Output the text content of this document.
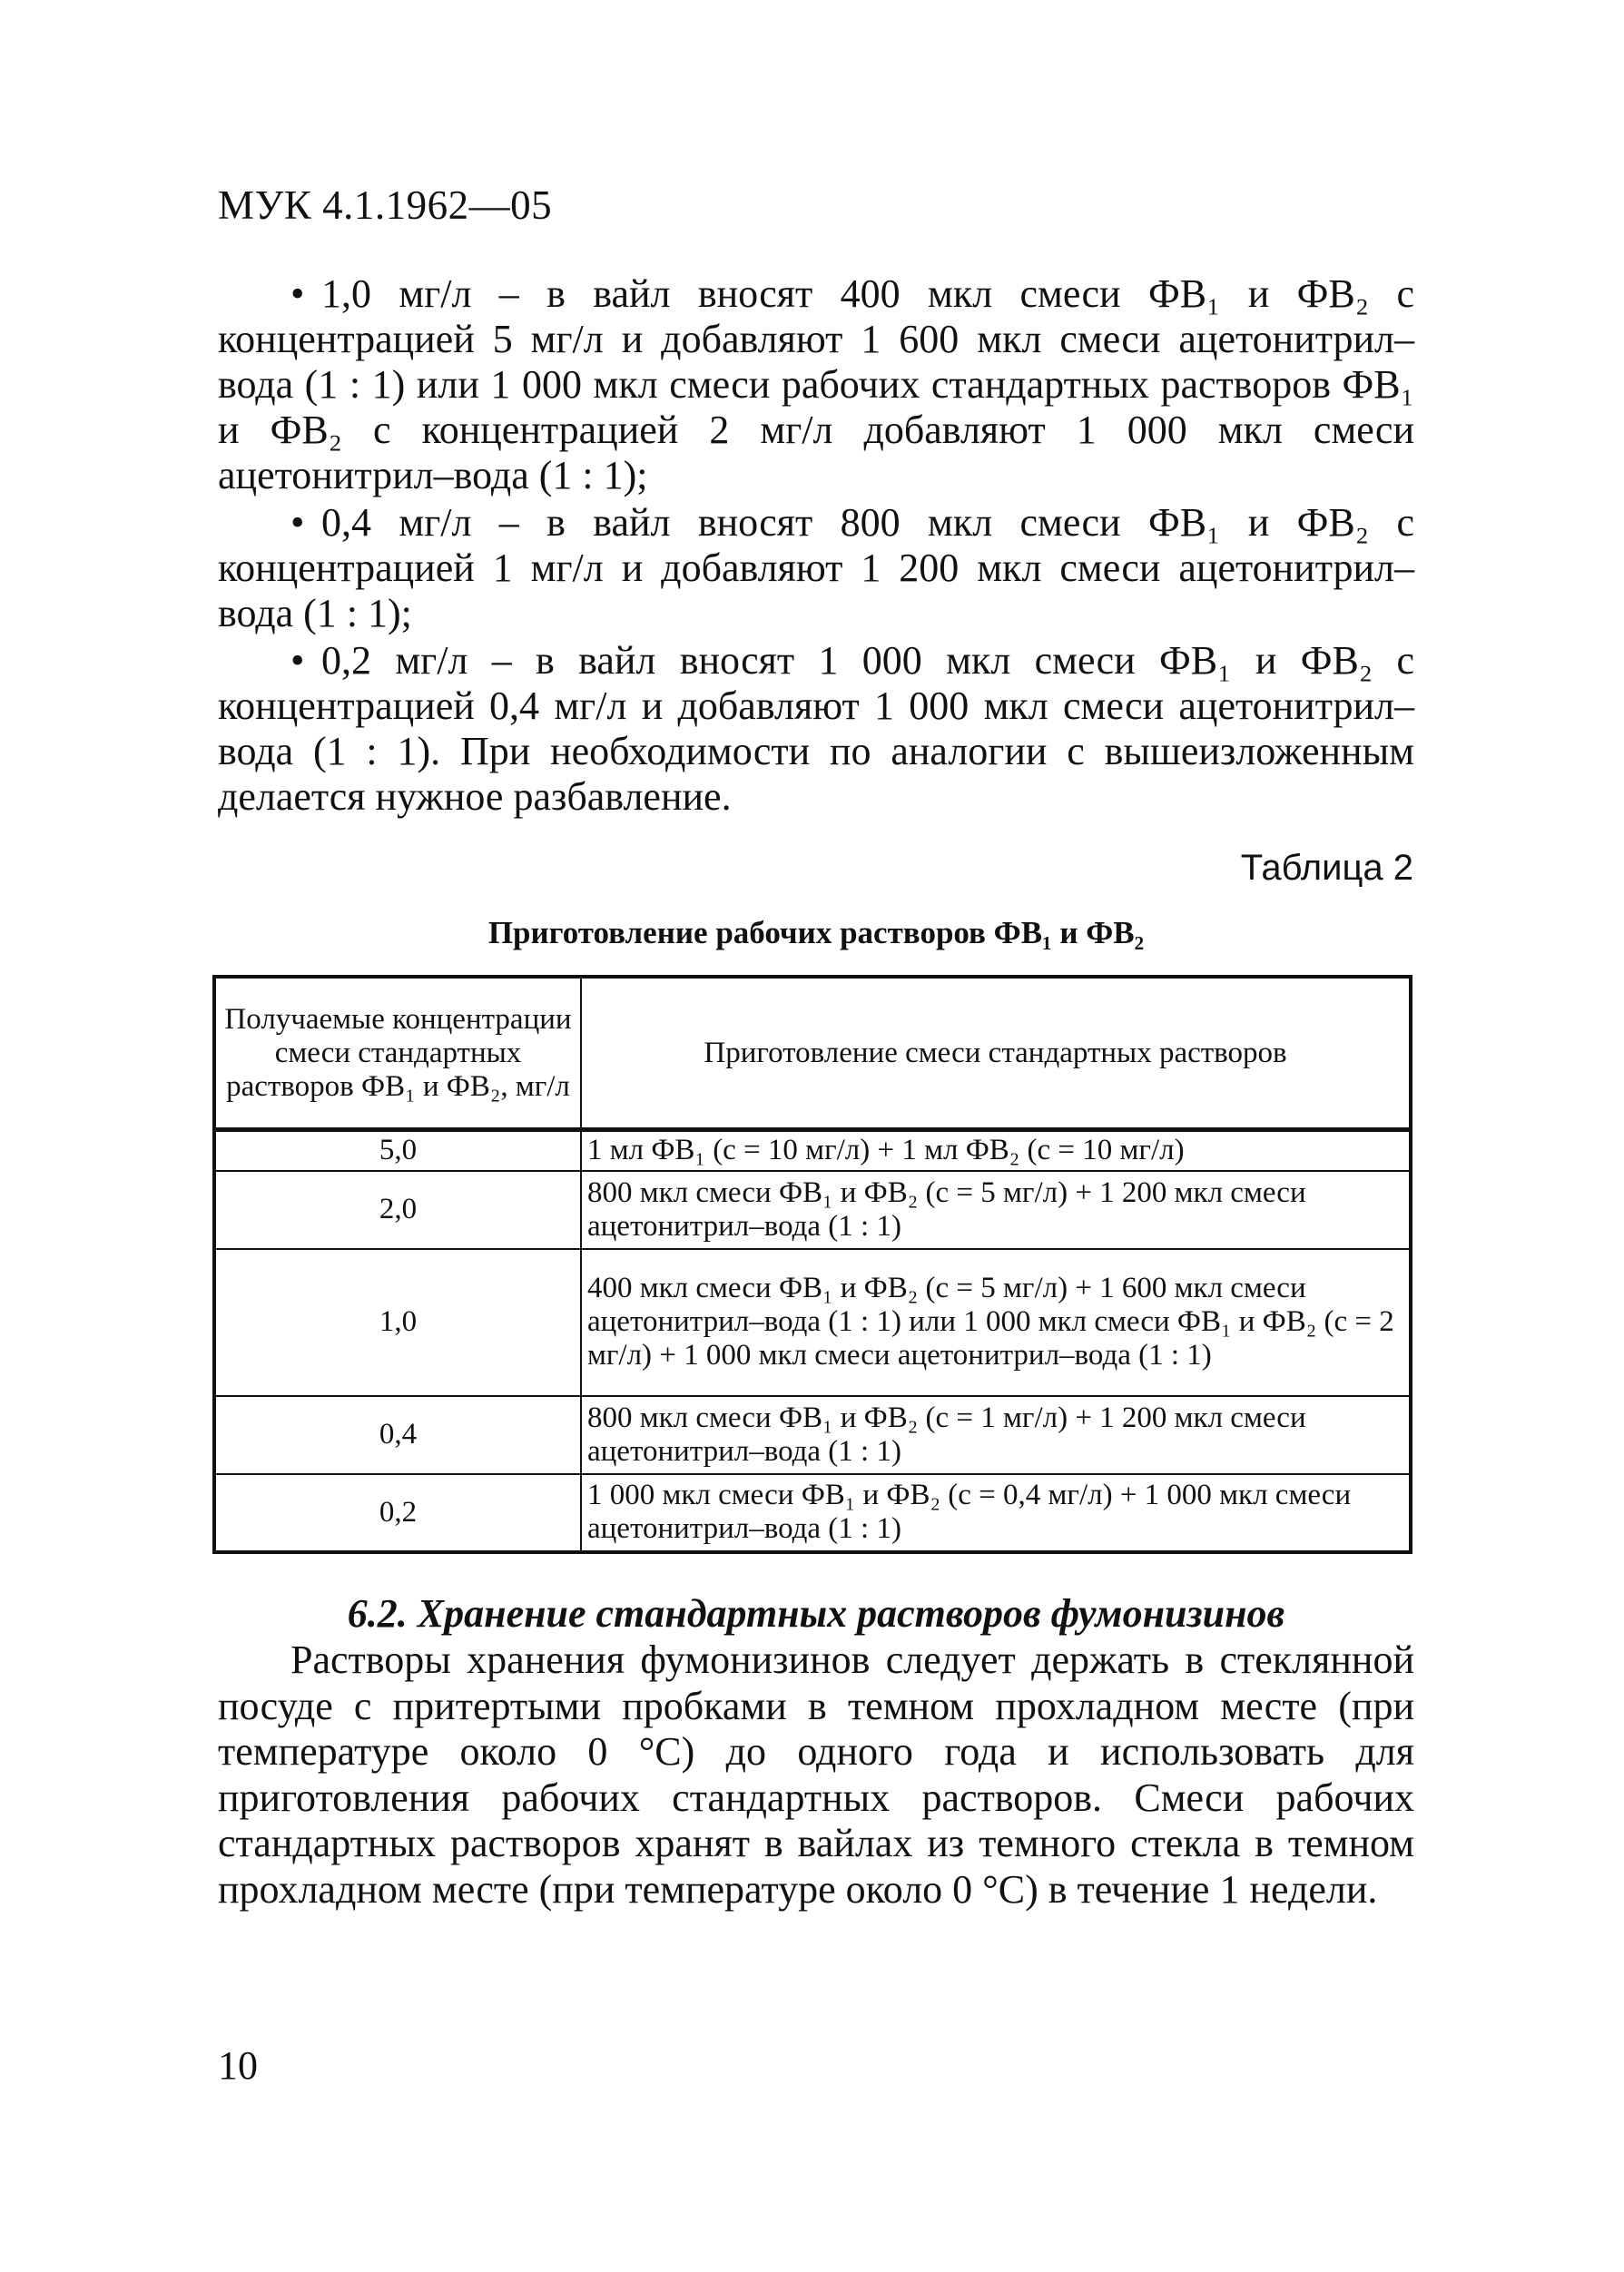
МУК 4.1.1962—05

• 1,0 мг/л – в вайл вносят 400 мкл смеси ФВ₁ и ФВ₂ с концентрацией 5 мг/л и добавляют 1 600 мкл смеси ацетонитрил–вода (1 : 1) или 1 000 мкл смеси рабочих стандартных растворов ФВ₁ и ФВ₂ с концентрацией 2 мг/л добавляют 1 000 мкл смеси ацетонитрил–вода (1 : 1);

• 0,4 мг/л – в вайл вносят 800 мкл смеси ФВ₁ и ФВ₂ с концентрацией 1 мг/л и добавляют 1 200 мкл смеси ацетонитрил–вода (1 : 1);

• 0,2 мг/л – в вайл вносят 1 000 мкл смеси ФВ₁ и ФВ₂ с концентрацией 0,4 мг/л и добавляют 1 000 мкл смеси ацетонитрил–вода (1 : 1). При необходимости по аналогии с вышеизложенным делается нужное разбавление.

Таблица 2
Приготовление рабочих растворов ФВ₁ и ФВ₂
Получаемые концентрации смеси стандартных растворов ФВ₁ и ФВ₂, мг/л	Приготовление смеси стандартных растворов
5,0	1 мл ФВ₁ (с = 10 мг/л) + 1 мл ФВ₂ (с = 10 мг/л)
2,0	800 мкл смеси ФВ₁ и ФВ₂ (с = 5 мг/л) + 1 200 мкл смеси ацетонитрил–вода (1 : 1)
1,0	400 мкл смеси ФВ₁ и ФВ₂ (с = 5 мг/л) + 1 600 мкл смеси ацетонитрил–вода (1 : 1) или 1 000 мкл смеси ФВ₁ и ФВ₂ (с = 2 мг/л) + 1 000 мкл смеси ацетонитрил–вода (1 : 1)
0,4	800 мкл смеси ФВ₁ и ФВ₂ (с = 1 мг/л) + 1 200 мкл смеси ацетонитрил–вода (1 : 1)
0,2	1 000 мкл смеси ФВ₁ и ФВ₂ (с = 0,4 мг/л) + 1 000 мкл смеси ацетонитрил–вода (1 : 1)
6.2. Хранение стандартных растворов фумонизинов

Растворы хранения фумонизинов следует держать в стеклянной посуде с притертыми пробками в темном прохладном месте (при температуре около 0 °С) до одного года и использовать для приготовления рабочих стандартных растворов. Смеси рабочих стандартных растворов хранят в вайлах из темного стекла в темном прохладном месте (при температуре около 0 °С) в течение 1 недели.

10
